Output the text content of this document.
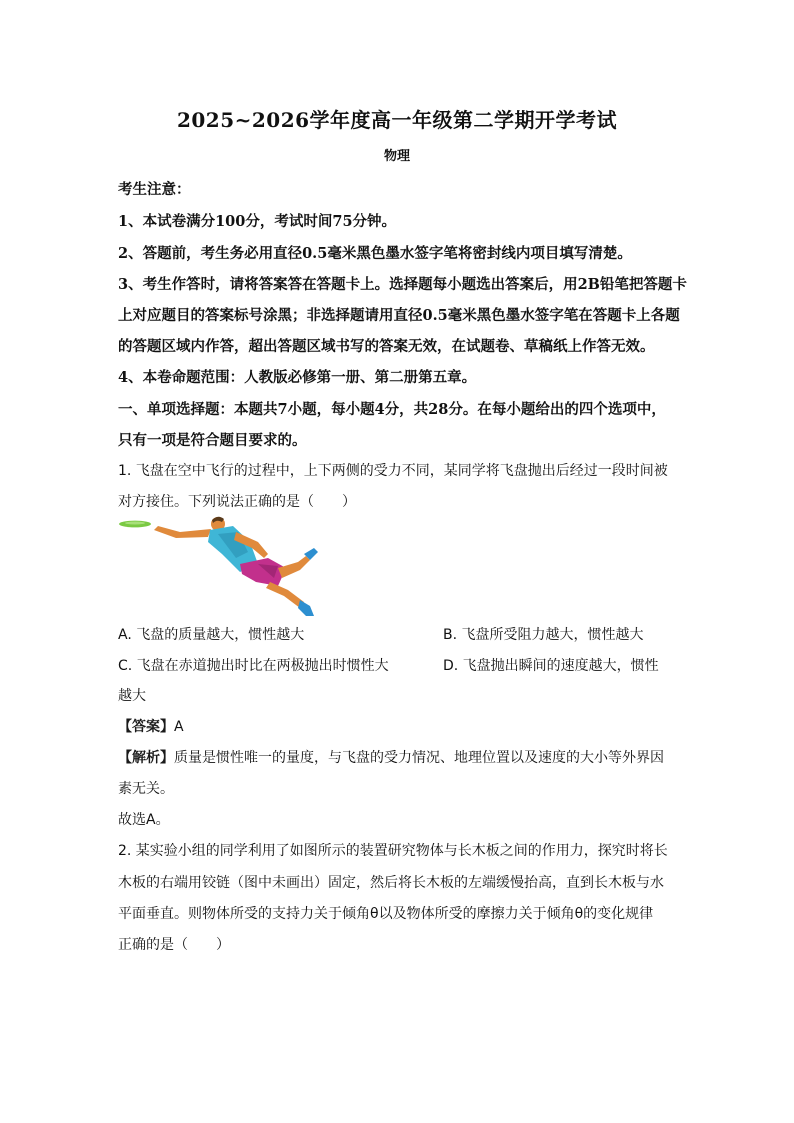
2025~2026学年度高一年级第二学期开学考试
物理
考生注意：
1、本试卷满分100分，考试时间75分钟。
2、答题前，考生务必用直径0.5毫米黑色墨水签字笔将密封线内项目填写清楚。
3、考生作答时，请将答案答在答题卡上。选择题每小题选出答案后，用2B铅笔把答题卡
上对应题目的答案标号涂黑；非选择题请用直径0.5毫米黑色墨水签字笔在答题卡上各题
的答题区域内作答，超出答题区域书写的答案无效，在试题卷、草稿纸上作答无效。
4、本卷命题范围：人教版必修第一册、第二册第五章。
一、单项选择题：本题共7小题，每小题4分，共28分。在每小题给出的四个选项中，
只有一项是符合题目要求的。
1. 飞盘在空中飞行的过程中，上下两侧的受力不同，某同学将飞盘抛出后经过一段时间被
对方接住。下列说法正确的是（　　）
A. 飞盘的质量越大，惯性越大	B. 飞盘所受阻力越大，惯性越大
C. 飞盘在赤道抛出时比在两极抛出时惯性大	D. 飞盘抛出瞬间的速度越大，惯性
越大
【答案】A
【解析】质量是惯性唯一的量度，与飞盘的受力情况、地理位置以及速度的大小等外界因
素无关。
故选A。
2. 某实验小组的同学利用了如图所示的装置研究物体与长木板之间的作用力，探究时将长
木板的右端用铰链（图中未画出）固定，然后将长木板的左端缓慢抬高，直到长木板与水
平面垂直。则物体所受的支持力关于倾角θ以及物体所受的摩擦力关于倾角θ的变化规律
正确的是（　　）
